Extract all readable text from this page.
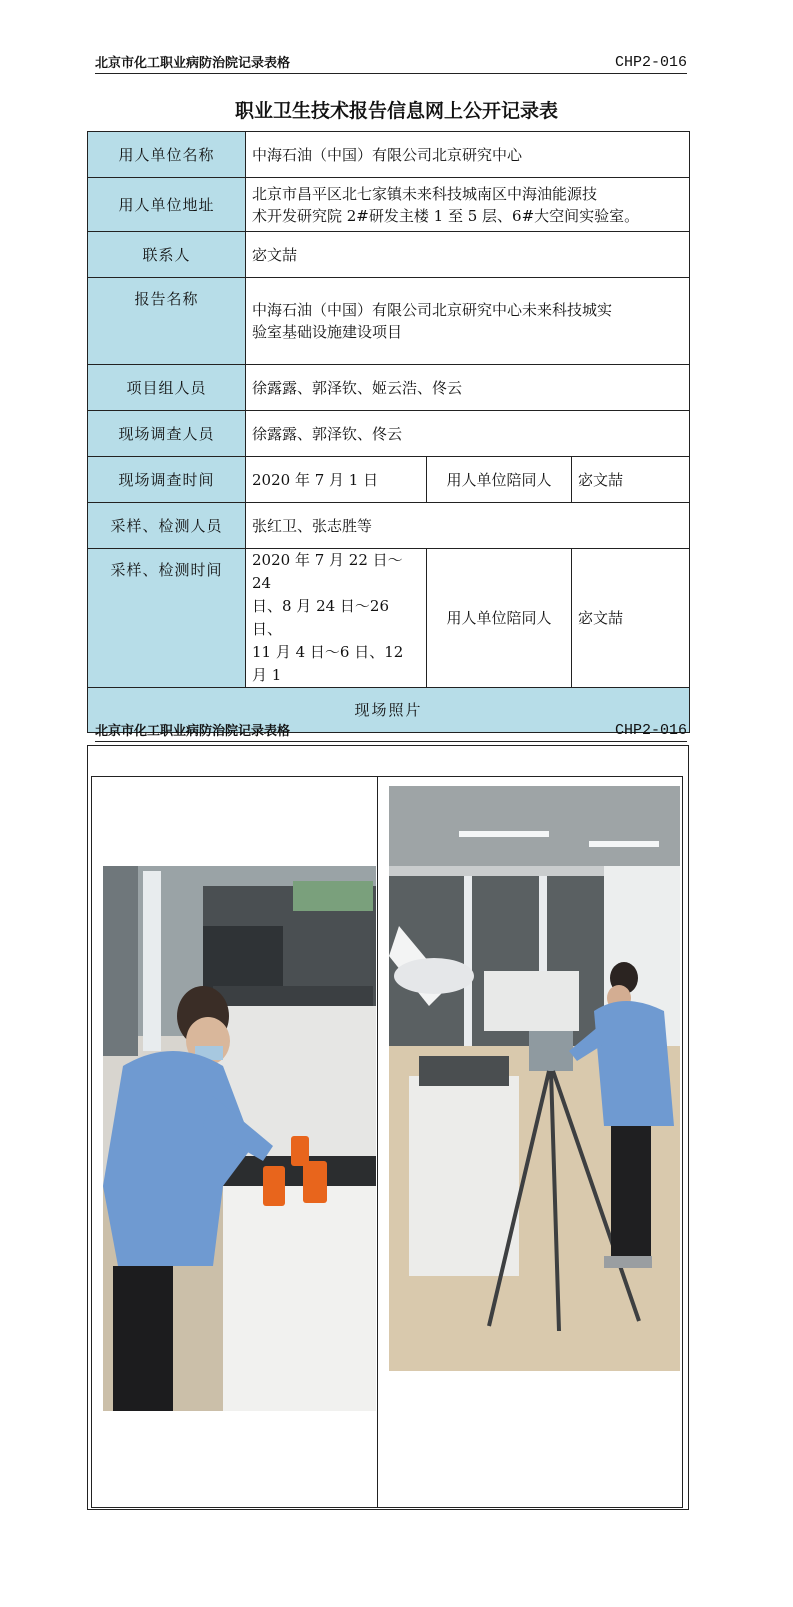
北京市化工职业病防治院记录表格	CHP2-016
职业卫生技术报告信息网上公开记录表
用人单位名称	中海石油（中国）有限公司北京研究中心		
用人单位地址	北京市昌平区北七家镇未来科技城南区中海油能源技
术开发研究院 2#研发主楼 1 至 5 层、6#大空间实验室。		

联系人	宓文喆		
报告名称	中海石油（中国）有限公司北京研究中心未来科技城实
验室基础设施建设项目		

项目组人员	徐露露、郭泽钦、姬云浩、佟云		
现场调查人员	徐露露、郭泽钦、佟云		
现场调查时间	2020 年 7 月 1 日	用人单位陪同人	宓文喆
采样、检测人员	张红卫、张志胜等		
采样、检测时间	2020 年 7 月 22 日～24
日、8 月 24 日～26 日、
11 月 4 日～6 日、12
月 1	用人单位陪同人	宓文喆
现场照片			
北京市化工职业病防治院记录表格	CHP2-016
